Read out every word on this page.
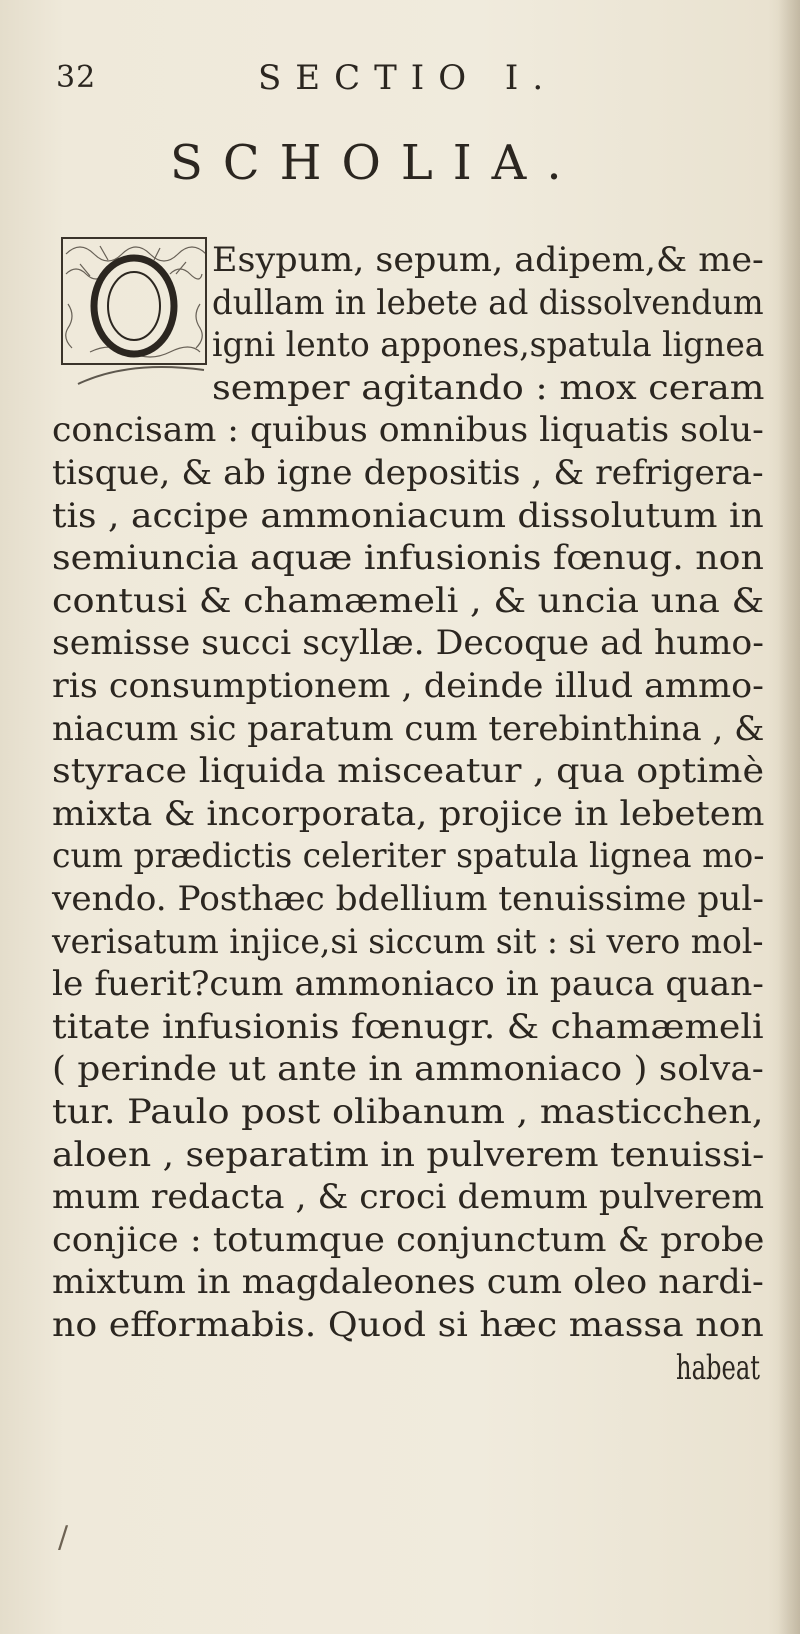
32	SECTIO I.
SCHOLIA.
Esypum, sepum, adipem,& me-
dullam in lebete ad dissolvendum
igni lento appones,spatula lignea
semper agitando : mox ceram
concisam : quibus omnibus liquatis solu-
tisque, & ab igne depositis , & refrigera-
tis , accipe ammoniacum dissolutum in
semiuncia aquæ infusionis fœnug. non
contusi & chamæmeli , & uncia una &
semisse succi scyllæ. Decoque ad humo-
ris consumptionem , deinde illud ammo-
niacum sic paratum cum terebinthina , &
styrace liquida misceatur , qua optimè
mixta & incorporata, projice in lebetem
cum prædictis celeriter spatula lignea mo-
vendo. Posthæc bdellium tenuissime pul-
verisatum injice,si siccum sit : si vero mol-
le fuerit?cum ammoniaco in pauca quan-
titate infusionis fœnugr. & chamæmeli
( perinde ut ante in ammoniaco ) solva-
tur. Paulo post olibanum , masticchen,
aloen , separatim in pulverem tenuissi-
mum redacta , & croci demum pulverem
conjice : totumque conjunctum & probe
mixtum in magdaleones cum oleo nardi-
no efformabis. Quod si hæc massa non
habeat
/
